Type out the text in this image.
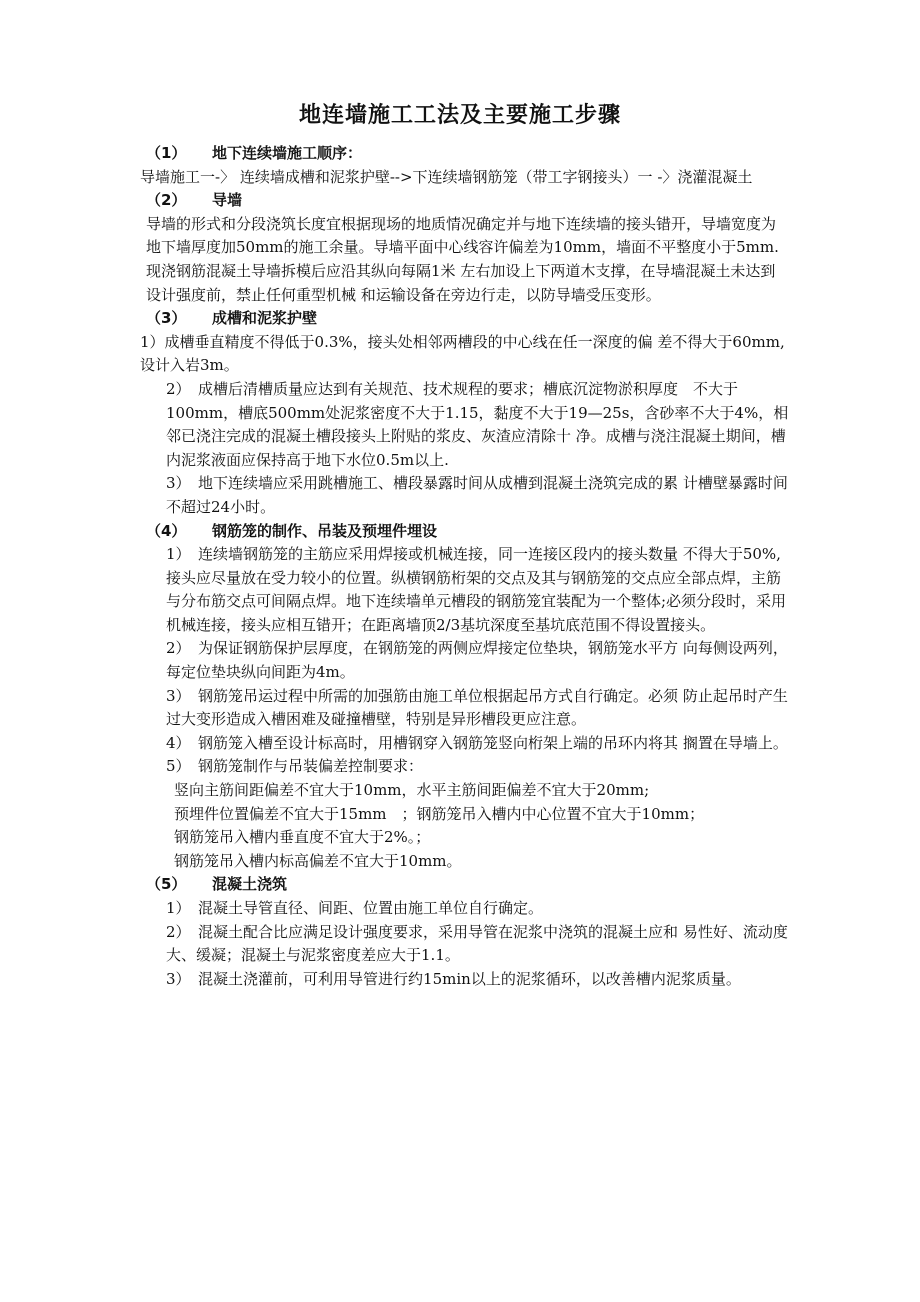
地连墙施工工法及主要施工步骤

（1） 地下连续墙施工顺序：

导墙施工一-〉 连续墙成槽和泥浆护壁-->下连续墙钢筋笼（带工字钢接头）一 -〉浇灌混凝土

（2） 导墙

导墙的形式和分段浇筑长度宜根据现场的地质情况确定并与地下连续墙的接头错开，导墙宽度为地下墙厚度加50mm的施工余量。导墙平面中心线容许偏差为10mm，墙面不平整度小于5mm.现浇钢筋混凝土导墙拆模后应沿其纵向每隔1米 左右加设上下两道木支撑，在导墙混凝土未达到设计强度前，禁止任何重型机械 和运输设备在旁边行走，以防导墙受压变形。

（3） 成槽和泥浆护壁

1）成槽垂直精度不得低于0.3%，接头处相邻两槽段的中心线在任一深度的偏 差不得大于60mm,设计入岩3m。

2）　成槽后清槽质量应达到有关规范、技术规程的要求；槽底沉淀物淤积厚度　不大于100mm，槽底500mm处泥浆密度不大于1.15，黏度不大于19—25s，含砂率不大于4%，相邻已浇注完成的混凝土槽段接头上附贴的浆皮、灰渣应清除十 净。成槽与浇注混凝土期间，槽内泥浆液面应保持高于地下水位0.5m以上.

3）　地下连续墙应采用跳槽施工、槽段暴露时间从成槽到混凝土浇筑完成的累 计槽壁暴露时间不超过24小时。

（4） 钢筋笼的制作、吊装及预埋件埋设

1）　连续墙钢筋笼的主筋应采用焊接或机械连接，同一连接区段内的接头数量 不得大于50%,接头应尽量放在受力较小的位置。纵横钢筋桁架的交点及其与钢筋笼的交点应全部点焊，主筋与分布筋交点可间隔点焊。地下连续墙单元槽段的钢筋笼宜装配为一个整体;必须分段时，采用机械连接，接头应相互错开；在距离墙顶2/3基坑深度至基坑底范围不得设置接头。

2）　为保证钢筋保护层厚度，在钢筋笼的两侧应焊接定位垫块，钢筋笼水平方 向每侧设两列，每定位垫块纵向间距为4m。

3）　钢筋笼吊运过程中所需的加强筋由施工单位根据起吊方式自行确定。必须 防止起吊时产生过大变形造成入槽困难及碰撞槽壁，特别是异形槽段更应注意。

4）　钢筋笼入槽至设计标高时，用槽钢穿入钢筋笼竖向桁架上端的吊环内将其 搁置在导墙上。

5）　钢筋笼制作与吊装偏差控制要求：

竖向主筋间距偏差不宜大于10mm，水平主筋间距偏差不宜大于20mm;

预埋件位置偏差不宜大于15mm　；钢筋笼吊入槽内中心位置不宜大于10mm；

钢筋笼吊入槽内垂直度不宜大于2%。；

钢筋笼吊入槽内标高偏差不宜大于10mm。

（5） 混凝土浇筑

1）　混凝土导管直径、间距、位置由施工单位自行确定。

2）　混凝土配合比应满足设计强度要求，采用导管在泥浆中浇筑的混凝土应和 易性好、流动度大、缓凝；混凝土与泥浆密度差应大于1.1。

3）　混凝土浇灌前，可利用导管进行约15min以上的泥浆循环，以改善槽内泥浆质量。
